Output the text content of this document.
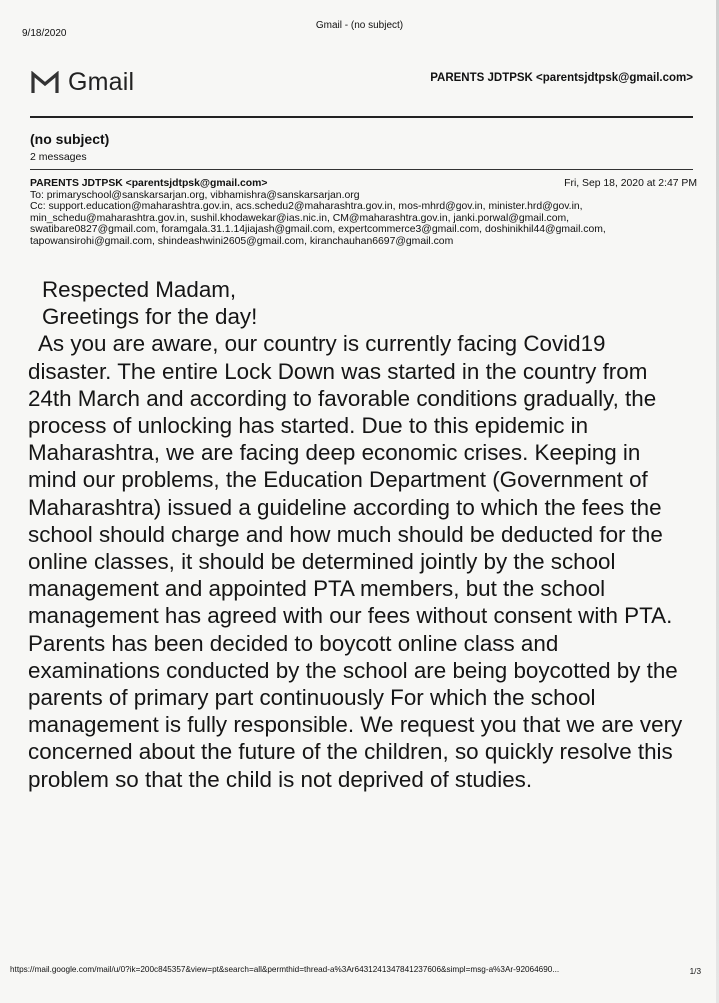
9/18/2020
Gmail - (no subject)
Gmail	PARENTS JDTPSK <parentsjdtpsk@gmail.com>
(no subject)
2 messages
PARENTS JDTPSK <parentsjdtpsk@gmail.com>	Fri, Sep 18, 2020 at 2:47 PM
To: primaryschool@sanskarsarjan.org, vibhamishra@sanskarsarjan.org
Cc: support.education@maharashtra.gov.in, acs.schedu2@maharashtra.gov.in, mos-mhrd@gov.in, minister.hrd@gov.in,
min_schedu@maharashtra.gov.in, sushil.khodawekar@ias.nic.in, CM@maharashtra.gov.in, janki.porwal@gmail.com,
swatibare0827@gmail.com, foramgala.31.1.14jiajash@gmail.com, expertcommerce3@gmail.com, doshinikhil44@gmail.com,
tapowansirohi@gmail.com, shindeashwini2605@gmail.com, kiranchauhan6697@gmail.com

Respected Madam,

Greetings for the day!

As you are aware, our country is currently facing Covid19 disaster. The entire Lock Down was started in the country from 24th March and according to favorable conditions gradually, the process of unlocking has started. Due to this epidemic in Maharashtra, we are facing deep economic crises. Keeping in mind our problems, the Education Department (Government of Maharashtra) issued a guideline according to which the fees the school should charge and how much should be deducted for the online classes, it should be determined jointly by the school management and appointed PTA members, but the school management has agreed with our fees without consent with PTA. Parents has been decided to boycott online class and examinations conducted by the school are being boycotted by the parents of primary part continuously For which the school management is fully responsible. We request you that we are very concerned about the future of the children, so quickly resolve this problem so that the child is not deprived of studies.

https://mail.google.com/mail/u/0?ik=200c845357&view=pt&search=all&permthid=thread-a%3Ar6431241347841237606&simpl=msg-a%3Ar-92064690...	1/3
